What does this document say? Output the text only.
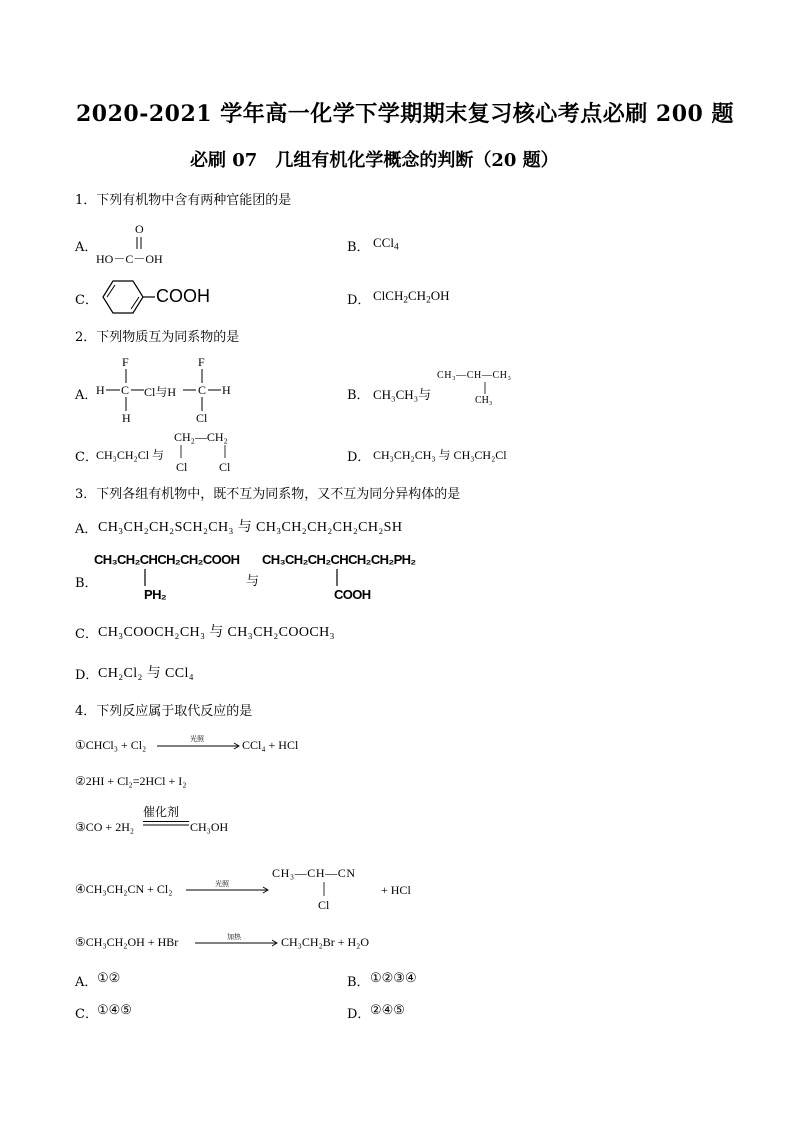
2020-2021 学年高一化学下学期期末复习核心考点必刷 200 题
必刷 07　几组有机化学概念的判断（20 题）
1．下列有机物中含有两种官能团的是
A．
O
HO－C－OH
B． CCl$_4$
C．	COOH	D． $ClCH_2CH_2OH$
2．下列物质互为同系物的是
A．
F
H C Cl与H
H
F
C H
Cl
B． CH₃CH₃与
CH₃—CH—CH₃
CH₃
C．
CH₃CH₂Cl 与
CH₂—CH₂
Cl	Cl
D． CH₃CH₂CH₃ 与 CH₃CH₂Cl
3．下列各组有机物中，既不互为同系物，又不互为同分异构体的是
A． CH₃CH₂CH₂SCH₂CH₃ 与 CH₃CH₂CH₂CH₂CH₂SH
B．
CH₃CH₂CHCH₂CH₂COOH
PH₂
与
CH₃CH₂CH₂CHCH₂CH₂PH₂
COOH
C． CH₃COOCH₂CH₃ 与 CH₃CH₂COOCH₃
D． CH₂Cl₂ 与 CCl₄
4．下列反应属于取代反应的是
①CHCl₃ + Cl₂	光照	CCl₄ + HCl
②2HI + Cl₂=2HCl + I₂
③CO + 2H₂
催化剂
CH₃OH
④CH₃CH₂CN + Cl₂	光照
CH₃—CH—CN
Cl
+ HCl
⑤CH₃CH₂OH + HBr	加热	CH₃CH₂Br + H₂O
A． ①②	B． ①②③④
C． ①④⑤	D． ②④⑤
